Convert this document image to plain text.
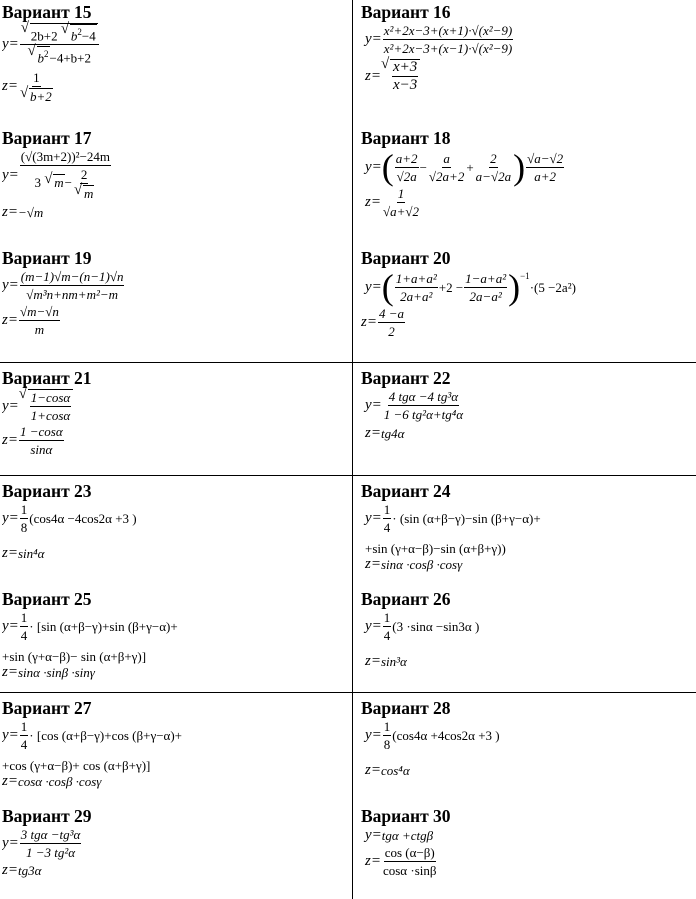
Вариант 15
y= √ 2b+2 √ $b^2-4$
√ $b^2-4+b+2$
z= 1
√ b+2
Вариант 16
$y= \frac{\text{x²+2x−3+(x+1)·√(x²−9)}}{\text{x²+2x−3+(x−1)·√(x²−9)}}$
z= √ $\frac{x+3}{x-3}$
Вариант 17
y= (√(3m+2))²−24m
3 √ m− 2
√ m
z= −√m
Вариант 18
y= ( $\frac{a+2}{√2a} - \frac{a}{√2a+2} + \frac{2}{a-√2a}$ ) $\frac{√a-√2}{a+2}$
$z= \frac{1}{√a+√2}$
Вариант 19
$y= \frac{(m-1)√m-(n-1)√n}{\text{√m³n+nm+m²−m}}$
$z= \frac{√m-√n}{m}$
Вариант 20
y= ( $\frac{\text{1+a+a²}}{\text{2a+a²}} +2 - \frac{\text{1−a+a²}}{\text{2a−a²}} )^{-1}$
·(5 −2a²)
$z= \frac{4 -a}{2}$
Вариант 21
y= √ $\frac{1-\cos\alpha}{1+\cos\alpha}$
$z= \frac{1 -\cos\alpha}{\sin\alpha}$
Вариант 22
$y= \frac{\text{4 tgα −4 tg³α}}{\text{1 −6 tg²α+tg⁴α}}$
z= tg4α
Вариант 23
$y= \frac{1}{8} (\cos 4\alpha -4\cos 2\alpha +3$ )
z= sin⁴α
Вариант 24
$y= \frac{1}{4} \cdot (\sin$ (α+β−γ)−sin (β+γ−α)+
+sin (γ+α−β)−sin (α+β+γ))
z= sinα ·cosβ ·cosγ
Вариант 25
$y= \frac{1}{4} \cdot [\sin$ (α+β−γ)+sin (β+γ−α)+
+sin (γ+α−β)− sin (α+β+γ)]
z= sinα ·sinβ ·sinγ
Вариант 26
$y= \frac{1}{4} (3 \cdot\sin\alpha -\sin 3\alpha$ )
z= sin³α
Вариант 27
$y= \frac{1}{4} \cdot [\cos$ (α+β−γ)+cos (β+γ−α)+
+cos (γ+α−β)+ cos (α+β+γ)]
z= cosα ·cosβ ·cosγ
Вариант 28
$y= \frac{1}{8} (\cos 4\alpha +4\cos 2\alpha +3$ )
z= cos⁴α
Вариант 29
$y= \frac{\text{3 tgα −tg³α}}{\text{1 −3 tg²α}}$
z= tg3α
Вариант 30
y= tgα +ctgβ
$z= \frac{\cos (\alpha-\beta)}{\cos\alpha \cdot\sin\beta}$
